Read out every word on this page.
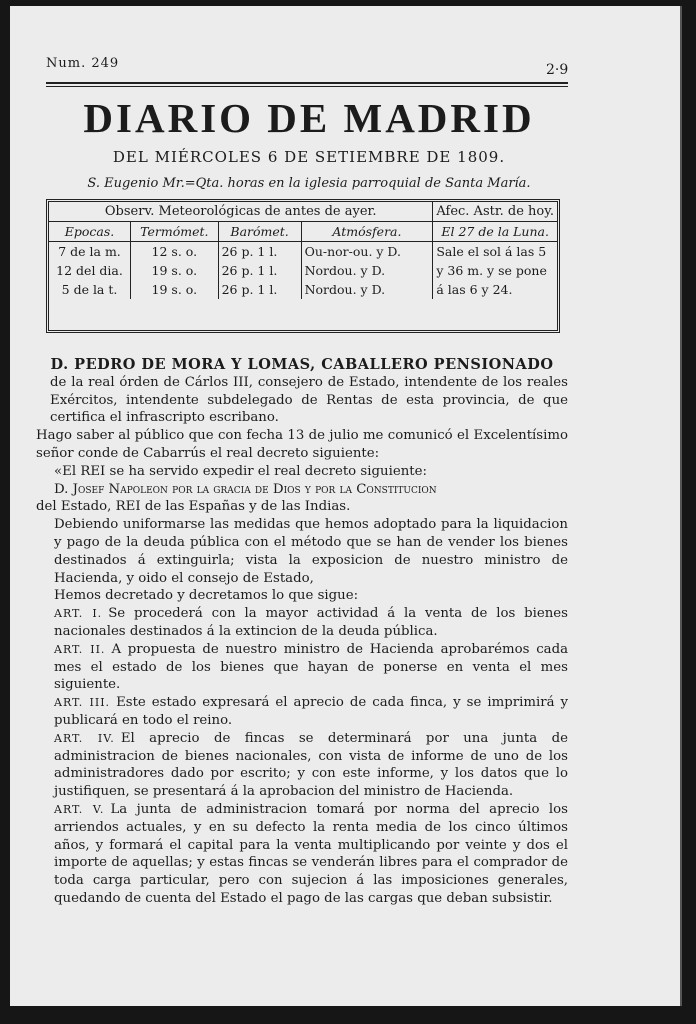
Num. 249	2·9
DIARIO DE MADRID
DEL MIÉRCOLES 6 DE SETIEMBRE DE 1809.
S. Eugenio Mr.=Qta. horas en la iglesia parroquial de Santa María.
Observ. Meteorológicas de antes de ayer.				Afec. Astr. de hoy.
Epocas.	Termómet.	Barómet.	Atmósfera.	El 27 de la Luna.
7 de la m.	12 s. o.	26 p. 1 l.	Ou-nor-ou. y D.	Sale el sol á las 5
12 del dia.	19 s. o.	26 p. 1 l.	Nordou. y D.	y 36 m. y se pone
5 de la t.	19 s. o.	26 p. 1 l.	Nordou. y D.	á las 6 y 24.

D. PEDRO DE MORA Y LOMAS, CABALLERO PENSIONADO

de la real órden de Cárlos III, consejero de Estado, intendente de los reales Exércitos, intendente subdelegado de Rentas de esta provincia, de que certifica el infrascripto escribano.

Hago saber al público que con fecha 13 de julio me comunicó el Excelentísimo señor conde de Cabarrús el real decreto siguiente:

«El REI se ha servido expedir el real decreto siguiente:

D. Josef Napoleon por la gracia de Dios y por la Constitucion

del Estado, REI de las Españas y de las Indias.

Debiendo uniformarse las medidas que hemos adoptado para la liquidacion y pago de la deuda pública con el método que se han de vender los bienes destinados á extinguirla; vista la exposicion de nuestro ministro de Hacienda, y oido el consejo de Estado,

Hemos decretado y decretamos lo que sigue:

ART. I. Se procederá con la mayor actividad á la venta de los bienes nacionales destinados á la extincion de la deuda pública.

ART. II. A propuesta de nuestro ministro de Hacienda aprobarémos cada mes el estado de los bienes que hayan de ponerse en venta el mes siguiente.

ART. III. Este estado expresará el aprecio de cada finca, y se imprimirá y publicará en todo el reino.

ART. IV. El aprecio de fincas se determinará por una junta de administracion de bienes nacionales, con vista de informe de uno de los administradores dado por escrito; y con este informe, y los datos que lo justifiquen, se presentará á la aprobacion del ministro de Hacienda.

ART. V. La junta de administracion tomará por norma del aprecio los arriendos actuales, y en su defecto la renta media de los cinco últimos años, y formará el capital para la venta multiplicando por veinte y dos el importe de aquellas; y estas fincas se venderán libres para el comprador de toda carga particular, pero con sujecion á las imposiciones generales, quedando de cuenta del Estado el pago de las cargas que deban subsistir.
